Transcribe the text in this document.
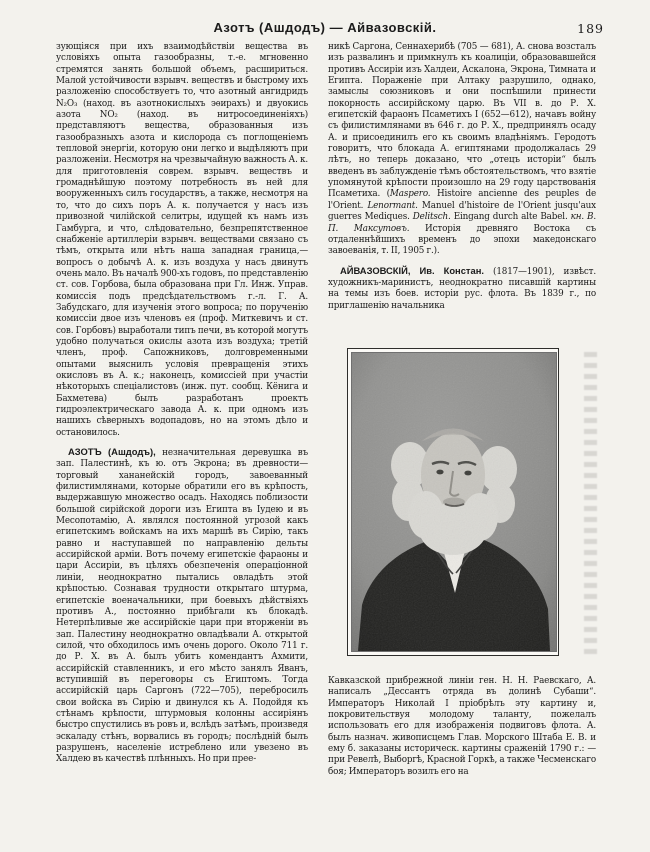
Азотъ (Ашдодъ) — Айвазовскій.	189

зующіяся при ихъ взаимодѣйствіи вещества въ условіяхъ опыта газообразны, т.-е. мгновенно стремятся занять большой объемъ, расшириться. Малой устойчивости взрывч. веществъ и быстрому ихъ разложенію способствуетъ то, что азотный ангидридъ N₂O₃ (наход. въ азотнокислыхъ эѳирахъ) и двуокись азота NO₂ (наход. въ нитросоединеніяхъ) представляютъ вещества, образованныя изъ газообразныхъ азота и кислорода съ поглощеніемъ тепловой энергіи, которую они легко и выдѣляютъ при разложеніи. Несмотря на чрезвычайную важность А. к. для приготовленія соврем. взрывч. веществъ и громаднѣйшую поэтому потребность въ ней для вооруженныхъ силъ государствъ, а также, несмотря на то, что до сихъ поръ А. к. получается у насъ изъ привозной чилійской селитры, идущей къ намъ изъ Гамбурга, и что, слѣдовательно, безпрепятственное снабженіе артиллеріи взрывч. веществами связано съ тѣмъ, открыта или нѣтъ наша западная граница,—вопросъ о добычѣ А. к. изъ воздуха у насъ двинутъ очень мало. Въ началѣ 900-хъ годовъ, по представленію ст. сов. Горбова, была образована при Гл. Инж. Управ. комиссія подъ предсѣдательствомъ г.-л. Г. А. Забудскаго, для изученія этого вопроса; по порученію комиссіи двое изъ членовъ ея (проф. Миткевичъ и ст. сов. Горбовъ) выработали типъ печи, въ которой могутъ удобно получаться окислы азота изъ воздуха; третій членъ, проф. Сапожниковъ, долговременными опытами выяснилъ условія превращенія этихъ окисловъ въ А. к.; наконецъ, комиссіей при участіи нѣкоторыхъ спеціалистовъ (инж. пут. сообщ. Кёнига и Бахметева) былъ разработанъ проектъ гидроэлектрическаго завода А. к. при одномъ изъ нашихъ сѣверныхъ водопадовъ, но на этомъ дѣло и остановилось.

АЗОТЪ (Ашдодъ), незначительная деревушка въ зап. Палестинѣ, къ ю. отъ Экрона; въ древности—торговый хананейскій городъ, завоеванный филистимлянами, которые обратили его въ крѣпость, выдержавшую множество осадъ. Находясь поблизости большой сирійской дороги изъ Египта въ Іудею и въ Месопотамію, А. являлся постоянной угрозой какъ египетскимъ войскамъ на ихъ маршѣ въ Сирію, такъ равно и наступавшей по направленію дельты ассирійской арміи. Вотъ почему египетскіе фараоны и цари Ассиріи, въ цѣляхъ обезпеченія операціонной линіи, неоднократно пытались овладѣть этой крѣпостью. Сознавая трудности открытаго штурма, египетскіе военачальники, при боевыхъ дѣйствіяхъ противъ А., постоянно прибѣгали къ блокадѣ. Нетерпѣливые же ассирійскіе цари при вторженіи въ зап. Палестину неоднократно овладѣвали А. открытой силой, что обходилось имъ очень дорого. Около 711 г. до Р. Х. въ А. былъ убитъ комендантъ Ахмити, ассирійскій ставленникъ, и его мѣсто занялъ Яванъ, вступившій въ переговоры съ Египтомъ. Тогда ассирійскій царь Саргонъ (722—705), перебросилъ свои войска въ Сирію и двинулся къ А. Подойдя къ стѣнамъ крѣпости, штурмовыя колонны ассиріянъ быстро спустились въ ровъ и, вслѣдъ затѣмъ, произведя эскаладу стѣнъ, ворвались въ городъ; послѣдній былъ разрушенъ, населеніе истреблено или увезено въ Халдею въ качествѣ плѣнныхъ. Но при прее-

никѣ Саргона, Сеннахерибѣ (705 — 681), А. снова возсталъ изъ развалинъ и примкнулъ къ коалиціи, образовавшейся противъ Ассиріи изъ Халдеи, Аскалона, Экрона, Тимната и Египта. Пораженіе при Алтаку разрушило, однако, замыслы союзниковъ и они поспѣшили принести покорность ассирійскому царю. Въ VII в. до Р. Х. египетскій фараонъ Псаметихъ I (652—612), начавъ войну съ филистимлянами въ 646 г. до Р. Х., предпринялъ осаду А. и присоединилъ его къ своимъ владѣніямъ. Геродотъ говоритъ, что блокада А. египтянами продолжалась 29 лѣтъ, но теперь доказано, что „отецъ исторіи“ былъ введенъ въ заблужденіе тѣмъ обстоятельствомъ, что взятіе упомянутой крѣпости произошло на 29 году царствованія Псаметиха. (Maspero. Histoire ancienne des peuples de l'Orient. Lenormant. Manuel d'histoire de l'Orient jusqu'aux guerres Mediques. Delitsch. Eingang durch alte Babel. кн. В. П. Максутовъ. Исторія древняго Востока съ отдаленнѣйшихъ временъ до эпохи македонскаго завоеванія, т. II, 1905 г.).

АЙВАЗОВСКІЙ, Ив. Констан. (1817—1901), извѣст. художникъ-маринистъ, неоднократно писавшій картины на темы изъ боев. исторіи рус. флота. Въ 1839 г., по приглашенію начальника

Кавказской прибрежной линіи ген. Н. Н. Раевскаго, А. написалъ „Дессантъ отряда въ долинѣ Субаши“. Императоръ Николай I пріобрѣлъ эту картину и, покровительствуя молодому таланту, пожелалъ использовать его для изображенія подвиговъ флота. А. былъ назнач. живописцемъ Глав. Морского Штаба Е. В. и ему б. заказаны историческ. картины сраженій 1790 г.: — при Ревелѣ, Выборгѣ, Красной Горкѣ, а также Чесменскаго боя; Императоръ возилъ его на
